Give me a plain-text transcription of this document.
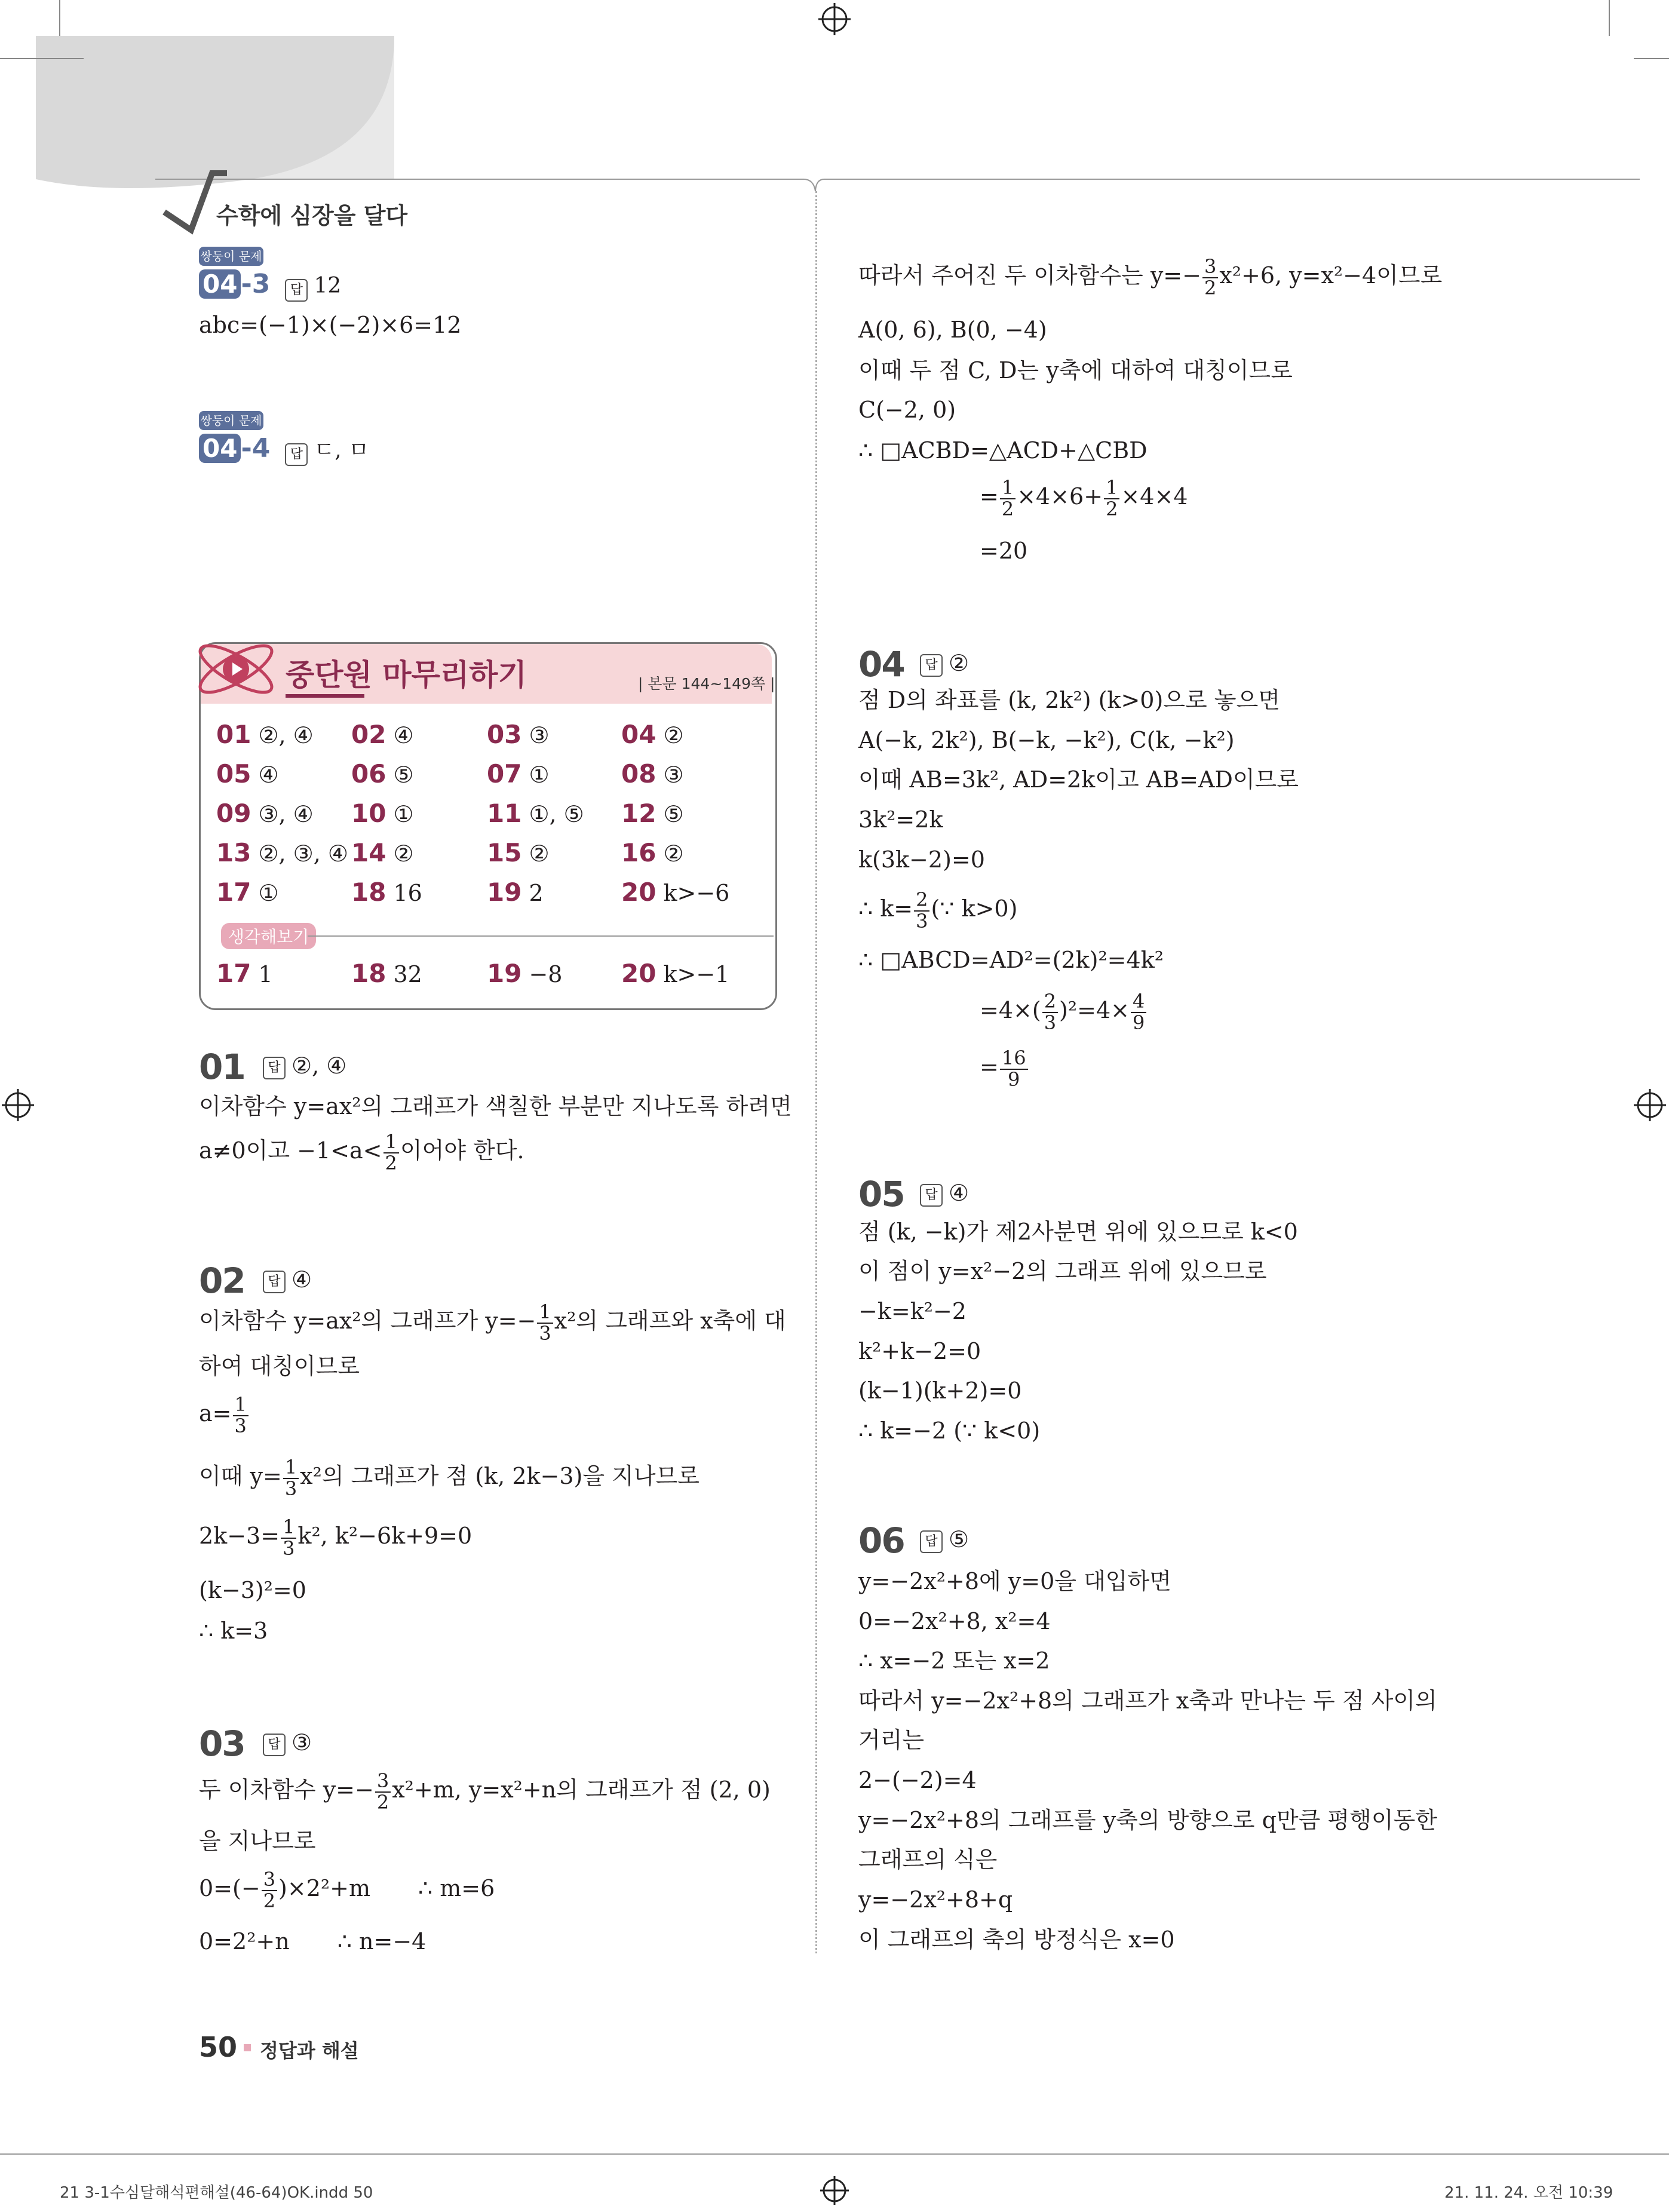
수학에 심장을 달다
쌍둥이 문제
04 -3 답 12
abc=(−1)×(−2)×6=12
쌍둥이 문제
04 -4 답 ㄷ, ㅁ
중단원 마무리하기	| 본문 144~149쪽 |
01 ②, ④ 02 ④	03 ③	04 ②
05 ④	06 ⑤	07 ①	08 ③
09 ③, ④ 10 ①	11 ①, ⑤ 12 ⑤
13 ②, ③, ④ 14 ②	15 ②	16 ②
17 ①	18 16	19 2	20 k>−6
생각해보기
17 1	18 32	19 −8 20 k>−1
01	답 ②, ④
이차함수 y=ax²의 그래프가 색칠한 부분만 지나도록 하려면
a≠0이고 $-1<a< \frac{1}{2}$ 이어야 한다.
02	답 ④
이차함수 y=ax²의 그래프가 $y=- \frac{1}{3} x^2$의 그래프와 x축에 대
하여 대칭이므로
$a= \frac{1}{3}$
이때 $y= \frac{1}{3} x^2$의 그래프가 점 (k, 2k−3)을 지나므로
$2k-3= \frac{1}{3} k^2$, k²−6k+9=0
(k−3)²=0
∴ k=3
03	답 ③
두 이차함수 $y=- \frac{3}{2} x^2+m$, y=x²+n의 그래프가 점 (2, 0)
을 지나므로
$0=(- \frac{3}{2} )\times 2^2+m$ ∴ m=6
0=2²+n ∴ n=−4
따라서 주어진 두 이차함수는 $y=- \frac{3}{2} x^2+6$, y=x²−4이므로
A(0, 6), B(0, −4)
이때 두 점 C, D는 y축에 대하여 대칭이므로
C(−2, 0)
∴ □ACBD=△ACD+△CBD
= $\frac{1}{2} \times 4\times 6+ \frac{1}{2} \times 4\times 4$
=20
04	답 ②
점 D의 좌표를 (k, 2k²) (k>0)으로 놓으면
A(−k, 2k²), B(−k, −k²), C(k, −k²)
이때 AB=3k², AD=2k이고 AB=AD이므로
3k²=2k
k(3k−2)=0
∴ $k= \frac{2}{3}$ (∵ k>0)
∴ □ABCD=AD²=(2k)²=4k²
$=4\times( \frac{2}{3} )^2=4\times \frac{4}{9}$
= $\frac{16}{9}$
05	답 ④
점 (k, −k)가 제2사분면 위에 있으므로 k<0
이 점이 y=x²−2의 그래프 위에 있으므로
−k=k²−2
k²+k−2=0
(k−1)(k+2)=0
∴ k=−2 (∵ k<0)
06	답 ⑤
y=−2x²+8에 y=0을 대입하면
0=−2x²+8, x²=4
∴ x=−2 또는 x=2
따라서 y=−2x²+8의 그래프가 x축과 만나는 두 점 사이의
거리는
2−(−2)=4
y=−2x²+8의 그래프를 y축의 방향으로 q만큼 평행이동한
그래프의 식은
y=−2x²+8+q
이 그래프의 축의 방정식은 x=0
50 정답과 해설
21 3-1수심달해석편해설(46-64)OK.indd 50	21. 11. 24. 오전 10:39
